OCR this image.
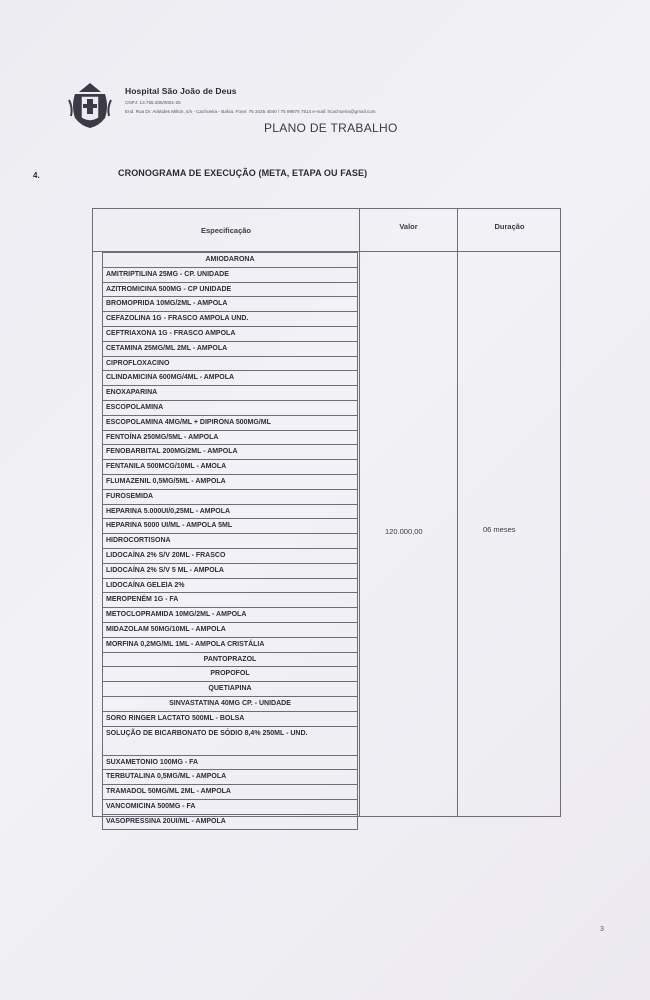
Hospital São João de Deus
CNPJ: 13.755.336/0001-25
End. Rua Dr. Aristides Milton, s/n - Cachoeira - Bahia. Fone: 75 3425 4040 / 75 99876 7514 e-mail: hcachoeira@gmail.com
PLANO DE TRABALHO
4.	CRONOGRAMA DE EXECUÇÃO (META, ETAPA OU FASE)
Especificação	Valor	Duração
AMIODARONA
AMITRIPTILINA 25MG - CP. UNIDADE
AZITROMICINA 500MG - CP UNIDADE
BROMOPRIDA 10MG/2ML - AMPOLA
CEFAZOLINA 1G - FRASCO AMPOLA UND.
CEFTRIAXONA 1G - FRASCO AMPOLA
CETAMINA 25MG/ML 2ML - AMPOLA
CIPROFLOXACINO
CLINDAMICINA 600MG/4ML - AMPOLA
ENOXAPARINA
ESCOPOLAMINA
ESCOPOLAMINA 4MG/ML + DIPIRONA 500MG/ML
FENTOÍNA 250MG/5ML - AMPOLA
FENOBARBITAL 200MG/2ML - AMPOLA
FENTANILA 500MCG/10ML - AMOLA
FLUMAZENIL 0,5MG/5ML - AMPOLA
FUROSEMIDA
HEPARINA 5.000UI/0,25ML - AMPOLA
HEPARINA 5000 UI/ML - AMPOLA 5ML
HIDROCORTISONA
LIDOCAÍNA 2% S/V 20ML - FRASCO
LIDOCAÍNA 2% S/V 5 ML - AMPOLA
LIDOCAÍNA GELEIA 2%
MEROPENÉM 1G - FA
METOCLOPRAMIDA 10MG/2ML - AMPOLA
MIDAZOLAM 50MG/10ML - AMPOLA
MORFINA 0,2MG/ML 1ML - AMPOLA CRISTÁLIA
PANTOPRAZOL
PROPOFOL
QUETIAPINA
SINVASTATINA 40MG CP. - UNIDADE
SORO RINGER LACTATO 500ML - BOLSA
SOLUÇÃO DE BICARBONATO DE SÓDIO 8,4% 250ML - UND.
SUXAMETONIO 100MG - FA
TERBUTALINA 0,5MG/ML - AMPOLA
TRAMADOL 50MG/ML 2ML - AMPOLA
VANCOMICINA 500MG - FA
VASOPRESSINA 20UI/ML - AMPOLA
120.000,00	06 meses
3
